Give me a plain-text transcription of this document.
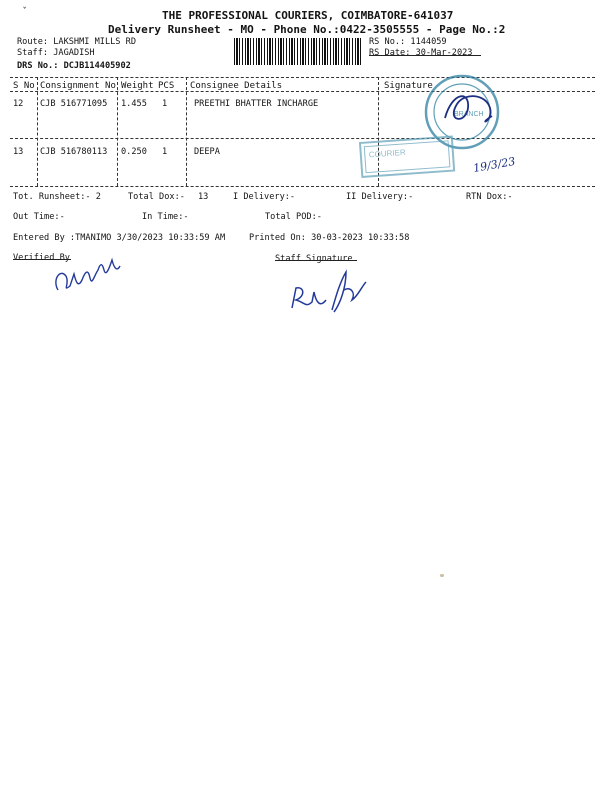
THE PROFESSIONAL COURIERS, COIMBATORE-641037
Delivery Runsheet - MO - Phone No.:0422-3505555 - Page No.:2
ˇ
Route: LAKSHMI MILLS RD
Staff: JAGADISH
DRS No.: DCJB114405902
RS No.: 1144059
RS Date: 30-Mar-2023
S No Consignment No Weight PCS Consignee Details	Signature
12 CJB 516771095 1.455 1	PREETHI BHATTER INCHARGE
13 CJB 516780113 0.250 1	DEEPA
BRANCH
COURIER
19/3/23
Tot. Runsheet:- 2	Total Dox:- 13	I Delivery:-	II Delivery:-	RTN Dox:-
Out Time:-	In Time:-	Total POD:-
Entered By :TMANIMO 3/30/2023 10:33:59 AM	Printed On: 30-03-2023 10:33:58
Verified By	Staff Signature
